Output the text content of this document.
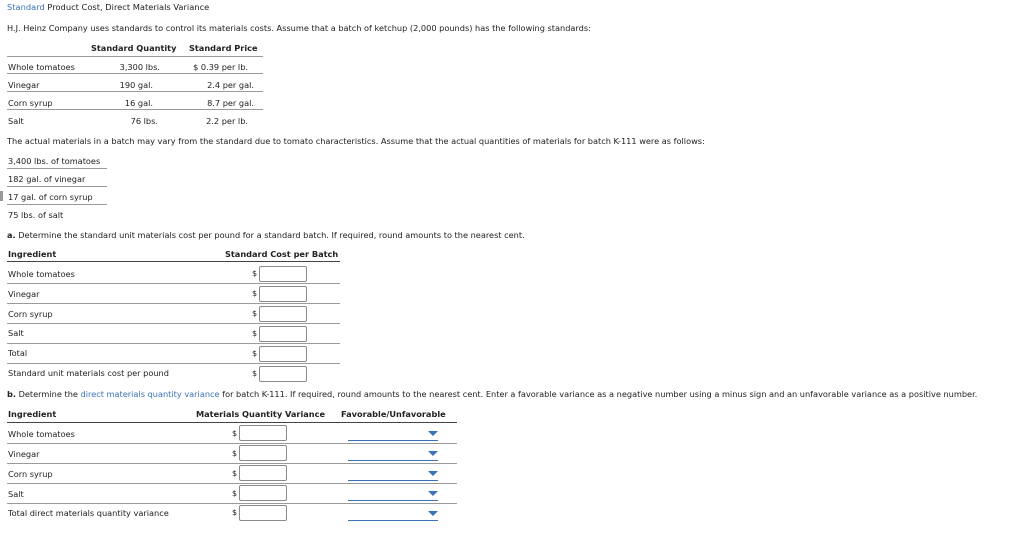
Standard Product Cost, Direct Materials Variance
H.J. Heinz Company uses standards to control its materials costs. Assume that a batch of ketchup (2,000 pounds) has the following standards:
Standard Quantity Standard Price
Whole tomatoes	3,300 lbs.	$ 0.39 per lb.
Vinegar	190 gal.	2.4 per gal.
Corn syrup	16 gal.	8.7 per gal.
Salt	76 lbs.	2.2 per lb.
The actual materials in a batch may vary from the standard due to tomato characteristics. Assume that the actual quantities of materials for batch K-111 were as follows:
3,400 lbs. of tomatoes
182 gal. of vinegar
17 gal. of corn syrup
75 lbs. of salt
a. Determine the standard unit materials cost per pound for a standard batch. If required, round amounts to the nearest cent.
Ingredient	Standard Cost per Batch
Whole tomatoes	$
Vinegar	$
Corn syrup	$
Salt	$
Total	$
Standard unit materials cost per pound	$
b. Determine the direct materials quantity variance for batch K-111. If required, round amounts to the nearest cent. Enter a favorable variance as a negative number using a minus sign and an unfavorable variance as a positive number.
Ingredient	Materials Quantity Variance Favorable/Unfavorable
Whole tomatoes	$
Vinegar	$
Corn syrup	$
Salt	$
Total direct materials quantity variance	$
